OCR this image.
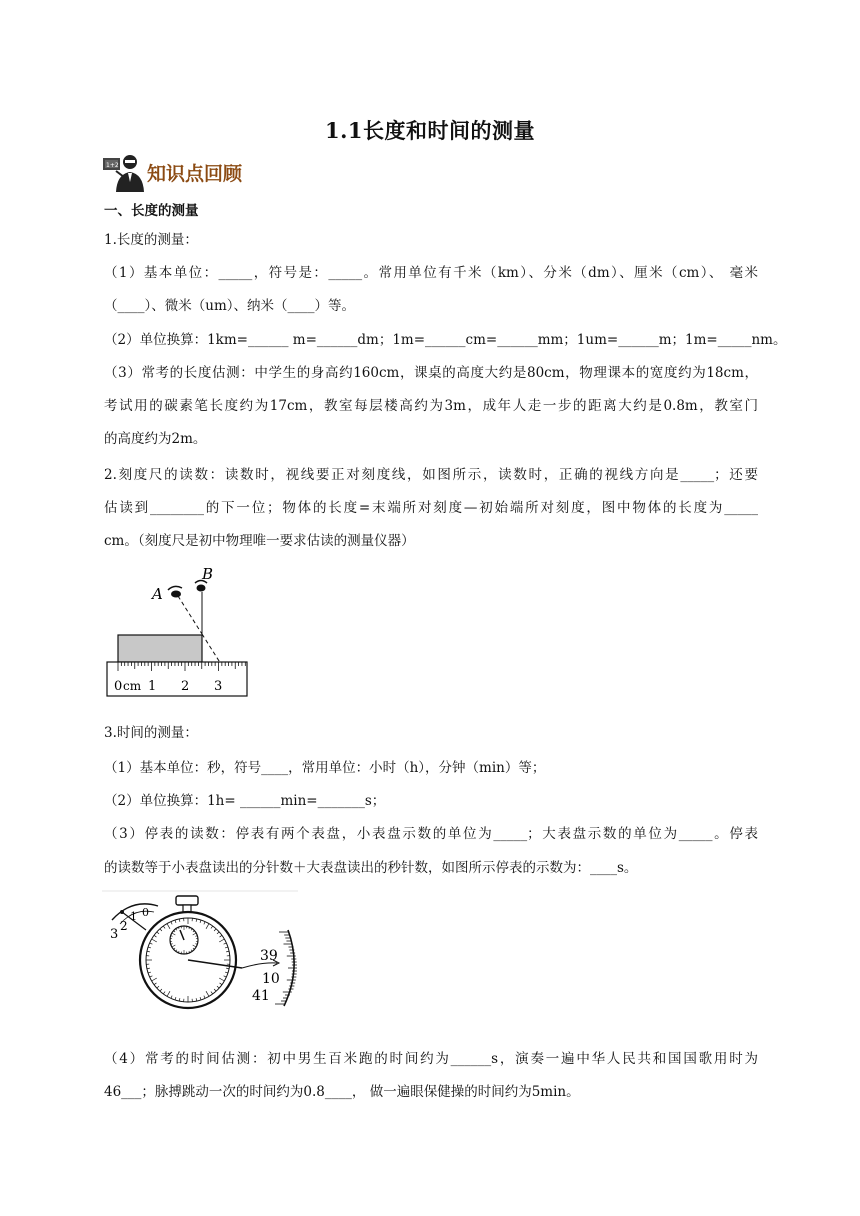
1.1长度和时间的测量
1+2 知识点回顾
一、长度的测量
1.长度的测量：
（1）基本单位：_____，符号是：_____。常用单位有千米（km）、分米（dm）、厘米（cm）、 毫米
（____）、微米（um）、纳米（____）等。
（2）单位换算：1km=______ m=______dm；1m=______cm=______mm；1um=______m；1m=_____nm。
（3）常考的长度估测：中学生的身高约160cm，课桌的高度大约是80cm，物理课本的宽度约为18cm，
考试用的碳素笔长度约为17cm，教室每层楼高约为3m，成年人走一步的距离大约是0.8m，教室门
的高度约为2m。
2.刻度尺的读数：读数时，视线要正对刻度线，如图所示，读数时，正确的视线方向是_____；还要
估读到________的下一位；物体的长度=末端所对刻度—初始端所对刻度，图中物体的长度为_____
cm。（刻度尺是初中物理唯一要求估读的测量仪器）
A
B
0 cm 1 2 3
3.时间的测量：
（1）基本单位：秒，符号____，常用单位：小时（h），分钟（min）等；
（2）单位换算：1h= ______min=_______s；
（3）停表的读数：停表有两个表盘，小表盘示数的单位为_____；大表盘示数的单位为_____。停表
的读数等于小表盘读出的分针数＋大表盘读出的秒针数，如图所示停表的示数为：____s。
3
2
1 0
39
10
41
（4）常考的时间估测：初中男生百米跑的时间约为______s，演奏一遍中华人民共和国国歌用时为
46___；脉搏跳动一次的时间约为0.8____， 做一遍眼保健操的时间约为5min。
